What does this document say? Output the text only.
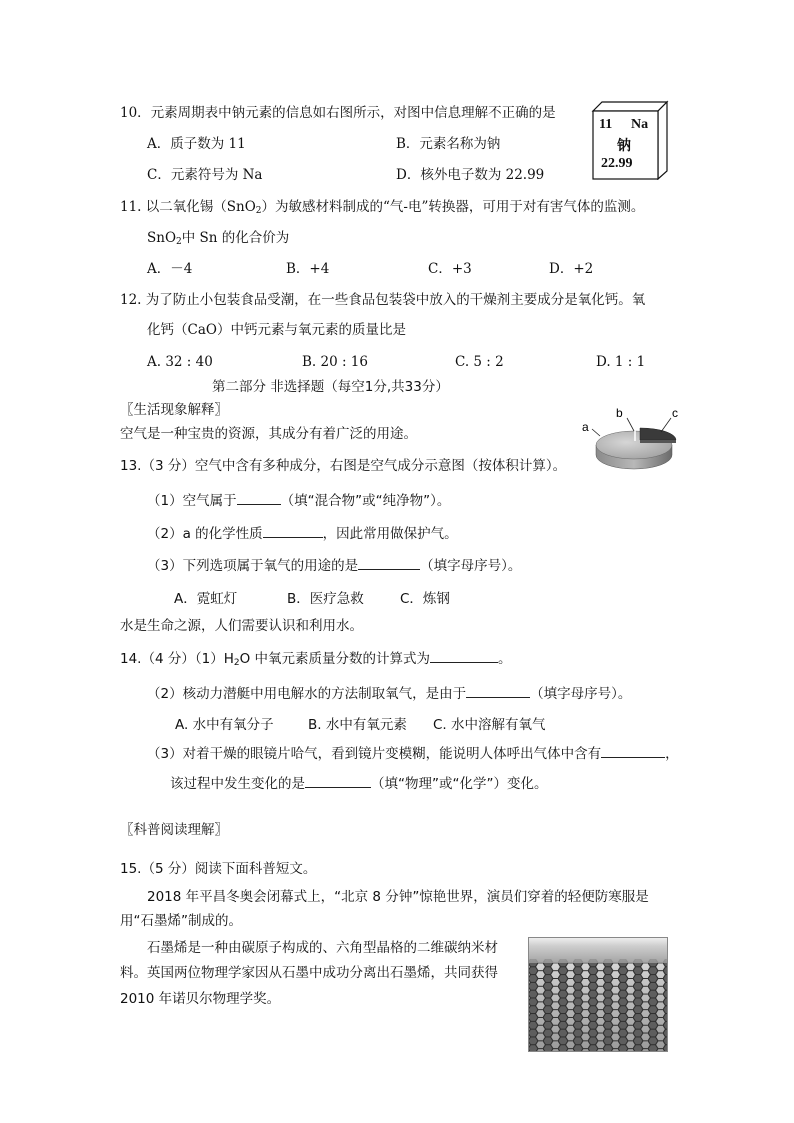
10．元素周期表中钠元素的信息如右图所示，对图中信息理解不正确的是
A．质子数为 11	B．元素名称为钠
C．元素符号为 Na	D．核外电子数为 22.99
11 Na
钠
22.99
11. 以二氧化锡（SnO$_2$）为敏感材料制成的“气-电”转换器，可用于对有害气体的监测。
SnO$_2$中 Sn 的化合价为
A．－4	B．+4	C．+3	D．+2
12. 为了防止小包装食品受潮，在一些食品包装袋中放入的干燥剂主要成分是氧化钙。氧
化钙（CaO）中钙元素与氧元素的质量比是
A. 32 : 40	B. 20 : 16	C. 5 : 2	D. 1 : 1
第二部分 非选择题（每空1分,共33分）
〖生活现象解释〗
空气是一种宝贵的资源，其成分有着广泛的用途。
b	c
a
13.（3 分）空气中含有多种成分，右图是空气成分示意图（按体积计算）。
（1）空气属于	（填“混合物”或“纯净物”）。
（2）a 的化学性质	，因此常用做保护气。
（3）下列选项属于氧气的用途的是	（填字母序号）。
A．霓虹灯	B．医疗急救	C．炼钢
水是生命之源，人们需要认识和利用水。
14.（4 分）$(1)H_2O$ 中氧元素质量分数的计算式为	。
（2）核动力潜艇中用电解水的方法制取氧气，是由于	（填字母序号）。
A. 水中有氧分子	B. 水中有氧元素 C. 水中溶解有氧气
（3）对着干燥的眼镜片哈气，看到镜片变模糊，能说明人体呼出气体中含有	，
该过程中发生变化的是	（填“物理”或“化学”）变化。
〖科普阅读理解〗
15.（5 分）阅读下面科普短文。
2018 年平昌冬奥会闭幕式上，“北京 8 分钟”惊艳世界，演员们穿着的轻便防寒服是
用“石墨烯”制成的。
石墨烯是一种由碳原子构成的、六角型晶格的二维碳纳米材
料。英国两位物理学家因从石墨中成功分离出石墨烯，共同获得
2010 年诺贝尔物理学奖。
